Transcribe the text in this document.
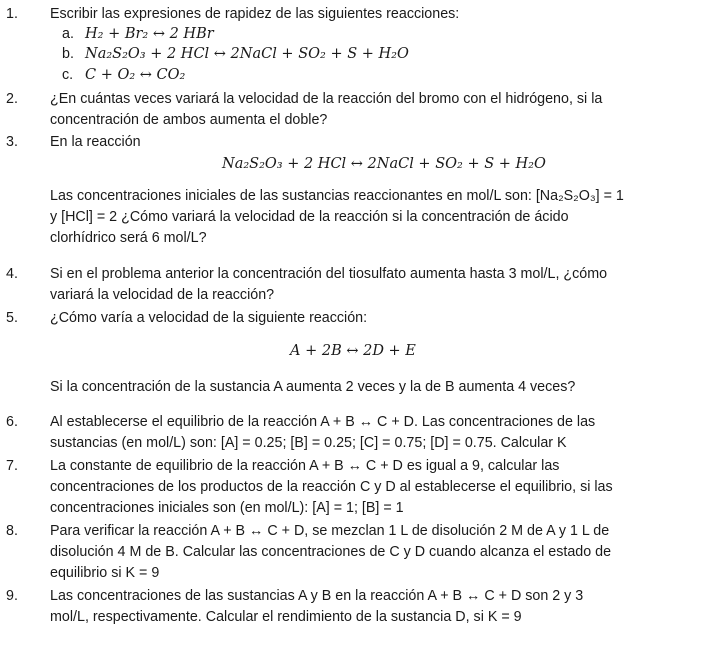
1. Escribir las expresiones de rapidez de las siguientes reacciones:
a. H₂ + Br₂ ↔ 2 HBr
b. Na₂S₂O₃ + 2 HCl ↔ 2NaCl + SO₂ + S + H₂O
c. C + O₂ ↔ CO₂
2. ¿En cuántas veces variará la velocidad de la reacción del bromo con el hidrógeno, si la
concentración de ambos aumenta el doble?
3. En la reacción
Na₂S₂O₃ + 2 HCl ↔ 2NaCl + SO₂ + S + H₂O
Las concentraciones iniciales de las sustancias reaccionantes en mol/L son: [Na₂S₂O₃] = 1
y [HCl] = 2 ¿Cómo variará la velocidad de la reacción si la concentración de ácido
clorhídrico será 6 mol/L?
4. Si en el problema anterior la concentración del tiosulfato aumenta hasta 3 mol/L, ¿cómo
variará la velocidad de la reacción?
5. ¿Cómo varía a velocidad de la siguiente reacción:
A + 2B ↔ 2D + E
Si la concentración de la sustancia A aumenta 2 veces y la de B aumenta 4 veces?
6. Al establecerse el equilibrio de la reacción A + B ↔ C + D. Las concentraciones de las
sustancias (en mol/L) son: [A] = 0.25; [B] = 0.25; [C] = 0.75; [D] = 0.75. Calcular K
7. La constante de equilibrio de la reacción A + B ↔ C + D es igual a 9, calcular las
concentraciones de los productos de la reacción C y D al establecerse el equilibrio, si las
concentraciones iniciales son (en mol/L): [A] = 1; [B] = 1
8. Para verificar la reacción A + B ↔ C + D, se mezclan 1 L de disolución 2 M de A y 1 L de
disolución 4 M de B. Calcular las concentraciones de C y D cuando alcanza el estado de
equilibrio si K = 9
9. Las concentraciones de las sustancias A y B en la reacción A + B ↔ C + D son 2 y 3
mol/L, respectivamente. Calcular el rendimiento de la sustancia D, si K = 9
